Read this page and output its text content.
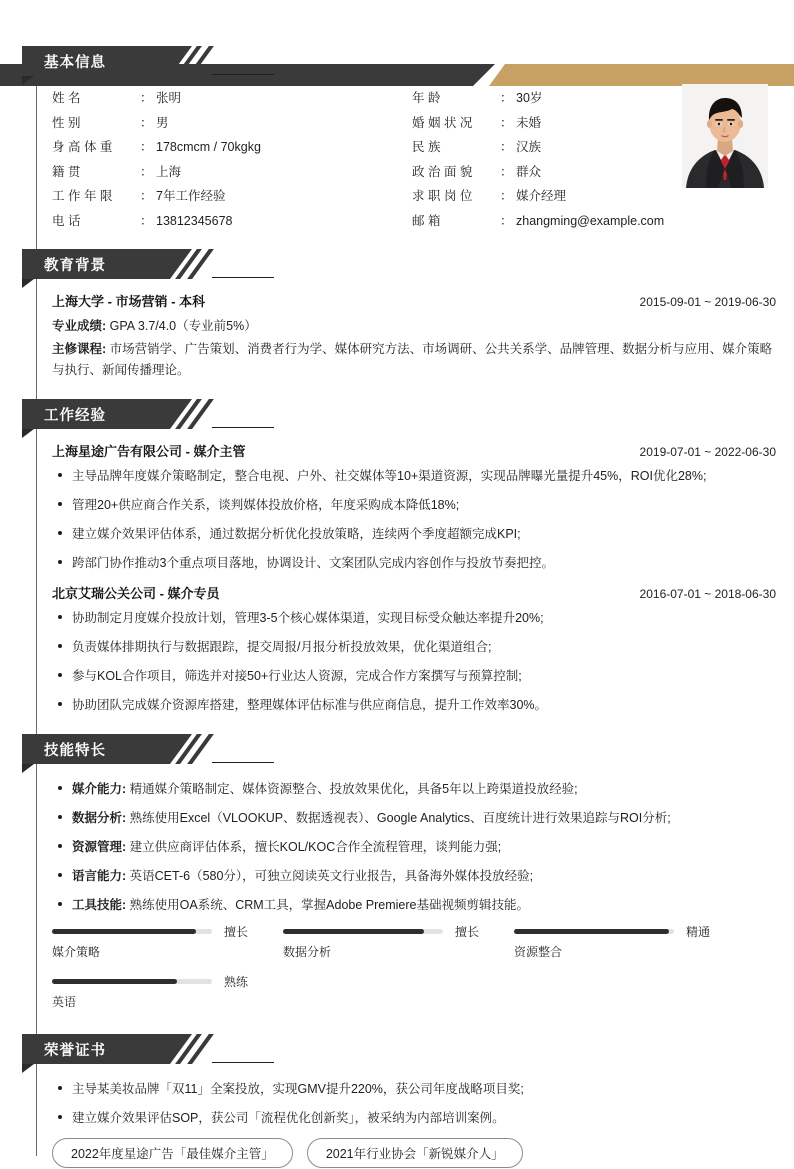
基本信息
姓 名	： 张明
性 别	： 男
身 高 体 重	： 178cmcm / 70kgkg
籍 贯	： 上海
工 作 年 限	： 7年工作经验
电 话	： 13812345678
年 龄	： 30岁
婚 姻 状 况	： 未婚
民 族	： 汉族
政 治 面 貌	： 群众
求 职 岗 位	： 媒介经理
邮 箱	： zhangming@example.com
教育背景
上海大学 - 市场营销 - 本科	2015-09-01 ~ 2019-06-30
专业成绩: GPA 3.7/4.0（专业前5%）
主修课程: 市场营销学、广告策划、消费者行为学、媒体研究方法、市场调研、公共关系学、品牌管理、数据分析与应用、媒介策略与执行、新闻传播理论。
工作经验
上海星途广告有限公司 - 媒介主管	2019-07-01 ~ 2022-06-30
主导品牌年度媒介策略制定，整合电视、户外、社交媒体等10+渠道资源，实现品牌曝光量提升45%，ROI优化28%;
管理20+供应商合作关系，谈判媒体投放价格，年度采购成本降低18%;
建立媒介效果评估体系，通过数据分析优化投放策略，连续两个季度超额完成KPI;
跨部门协作推动3个重点项目落地，协调设计、文案团队完成内容创作与投放节奏把控。
北京艾瑞公关公司 - 媒介专员	2016-07-01 ~ 2018-06-30
协助制定月度媒介投放计划，管理3-5个核心媒体渠道，实现目标受众触达率提升20%;
负责媒体排期执行与数据跟踪，提交周报/月报分析投放效果，优化渠道组合;
参与KOL合作项目，筛选并对接50+行业达人资源，完成合作方案撰写与预算控制;
协助团队完成媒介资源库搭建，整理媒体评估标准与供应商信息，提升工作效率30%。
技能特长
媒介能力: 精通媒介策略制定、媒体资源整合、投放效果优化，具备5年以上跨渠道投放经验;
数据分析: 熟练使用Excel（VLOOKUP、数据透视表）、Google Analytics、百度统计进行效果追踪与ROI分析;
资源管理: 建立供应商评估体系，擅长KOL/KOC合作全流程管理，谈判能力强;
语言能力: 英语CET-6（580分），可独立阅读英文行业报告，具备海外媒体投放经验;
工具技能: 熟练使用OA系统、CRM工具，掌握Adobe Premiere基础视频剪辑技能。
擅长
媒介策略
擅长
数据分析
精通
资源整合
熟练
英语
荣誉证书
主导某美妆品牌「双11」全案投放，实现GMV提升220%，获公司年度战略项目奖;
建立媒介效果评估SOP，获公司「流程优化创新奖」，被采纳为内部培训案例。
2022年度星途广告「最佳媒介主管」	2021年行业协会「新锐媒介人」
